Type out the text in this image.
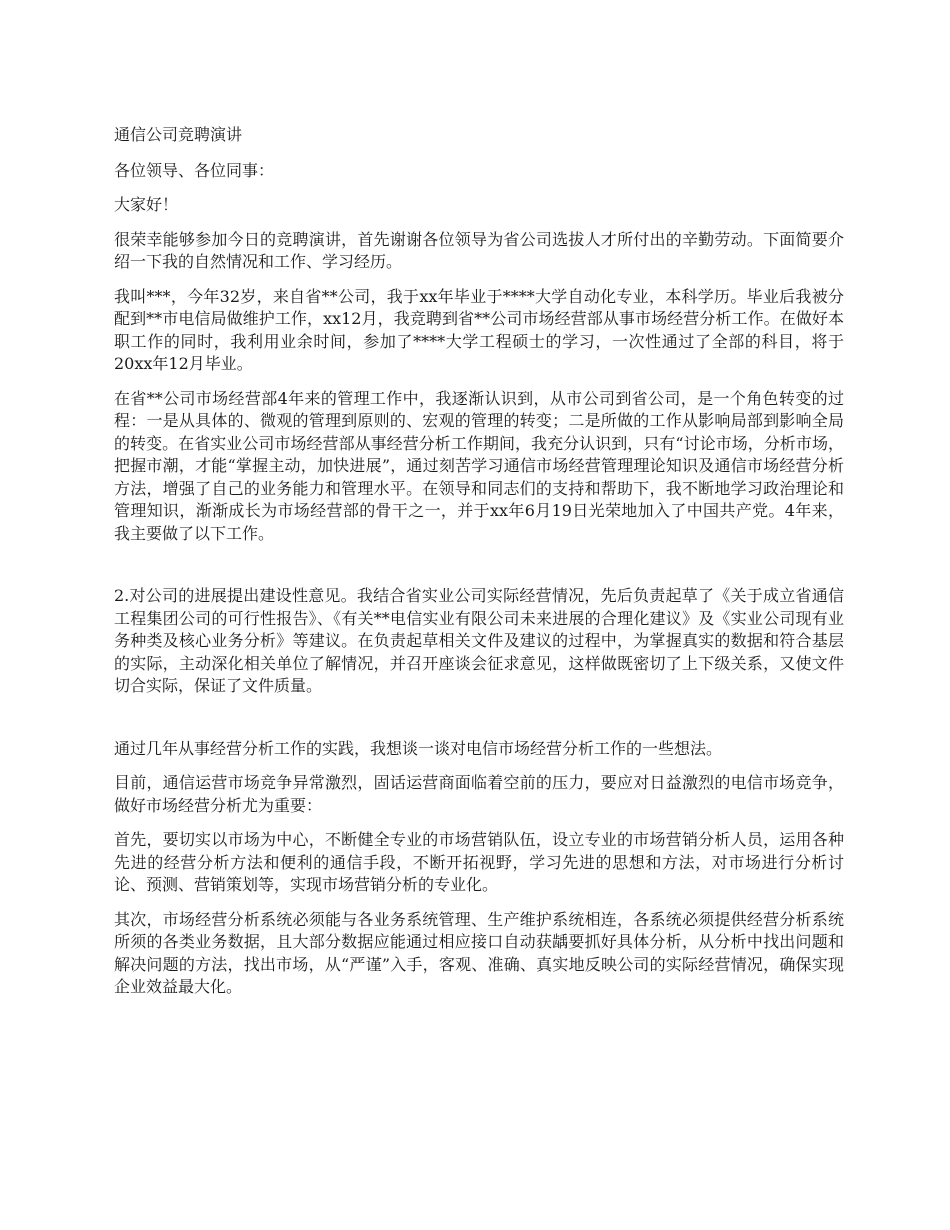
通信公司竞聘演讲

各位领导、各位同事：

大家好！

很荣幸能够参加今日的竞聘演讲，首先谢谢各位领导为省公司选拔人才所付出的辛勤劳动。下面简要介绍一下我的自然情况和工作、学习经历。

我叫***，今年32岁，来自省**公司，我于xx年毕业于****大学自动化专业，本科学历。毕业后我被分配到**市电信局做维护工作，xx12月，我竞聘到省**公司市场经营部从事市场经营分析工作。在做好本职工作的同时，我利用业余时间，参加了****大学工程硕士的学习，一次性通过了全部的科目，将于20xx年12月毕业。

在省**公司市场经营部4年来的管理工作中，我逐渐认识到，从市公司到省公司，是一个角色转变的过程：一是从具体的、微观的管理到原则的、宏观的管理的转变；二是所做的工作从影响局部到影响全局的转变。在省实业公司市场经营部从事经营分析工作期间，我充分认识到，只有“讨论市场，分析市场，把握市潮，才能“掌握主动，加快进展”，通过刻苦学习通信市场经营管理理论知识及通信市场经营分析方法，增强了自己的业务能力和管理水平。在领导和同志们的支持和帮助下，我不断地学习政治理论和管理知识，渐渐成长为市场经营部的骨干之一，并于xx年6月19日光荣地加入了中国共产党。4年来，我主要做了以下工作。

2.对公司的进展提出建设性意见。我结合省实业公司实际经营情况，先后负责起草了《关于成立省通信工程集团公司的可行性报告》、《有关**电信实业有限公司未来进展的合理化建议》及《实业公司现有业务种类及核心业务分析》等建议。在负责起草相关文件及建议的过程中，为掌握真实的数据和符合基层的实际，主动深化相关单位了解情况，并召开座谈会征求意见，这样做既密切了上下级关系，又使文件切合实际，保证了文件质量。

通过几年从事经营分析工作的实践，我想谈一谈对电信市场经营分析工作的一些想法。

目前，通信运营市场竞争异常激烈，固话运营商面临着空前的压力，要应对日益激烈的电信市场竞争，做好市场经营分析尤为重要：

首先，要切实以市场为中心，不断健全专业的市场营销队伍，设立专业的市场营销分析人员，运用各种先进的经营分析方法和便利的通信手段，不断开拓视野，学习先进的思想和方法，对市场进行分析讨论、预测、营销策划等，实现市场营销分析的专业化。

其次，市场经营分析系统必须能与各业务系统管理、生产维护系统相连，各系统必须提供经营分析系统所须的各类业务数据，且大部分数据应能通过相应接口自动获龋要抓好具体分析，从分析中找出问题和解决问题的方法，找出市场，从“严谨”入手，客观、准确、真实地反映公司的实际经营情况，确保实现企业效益最大化。
